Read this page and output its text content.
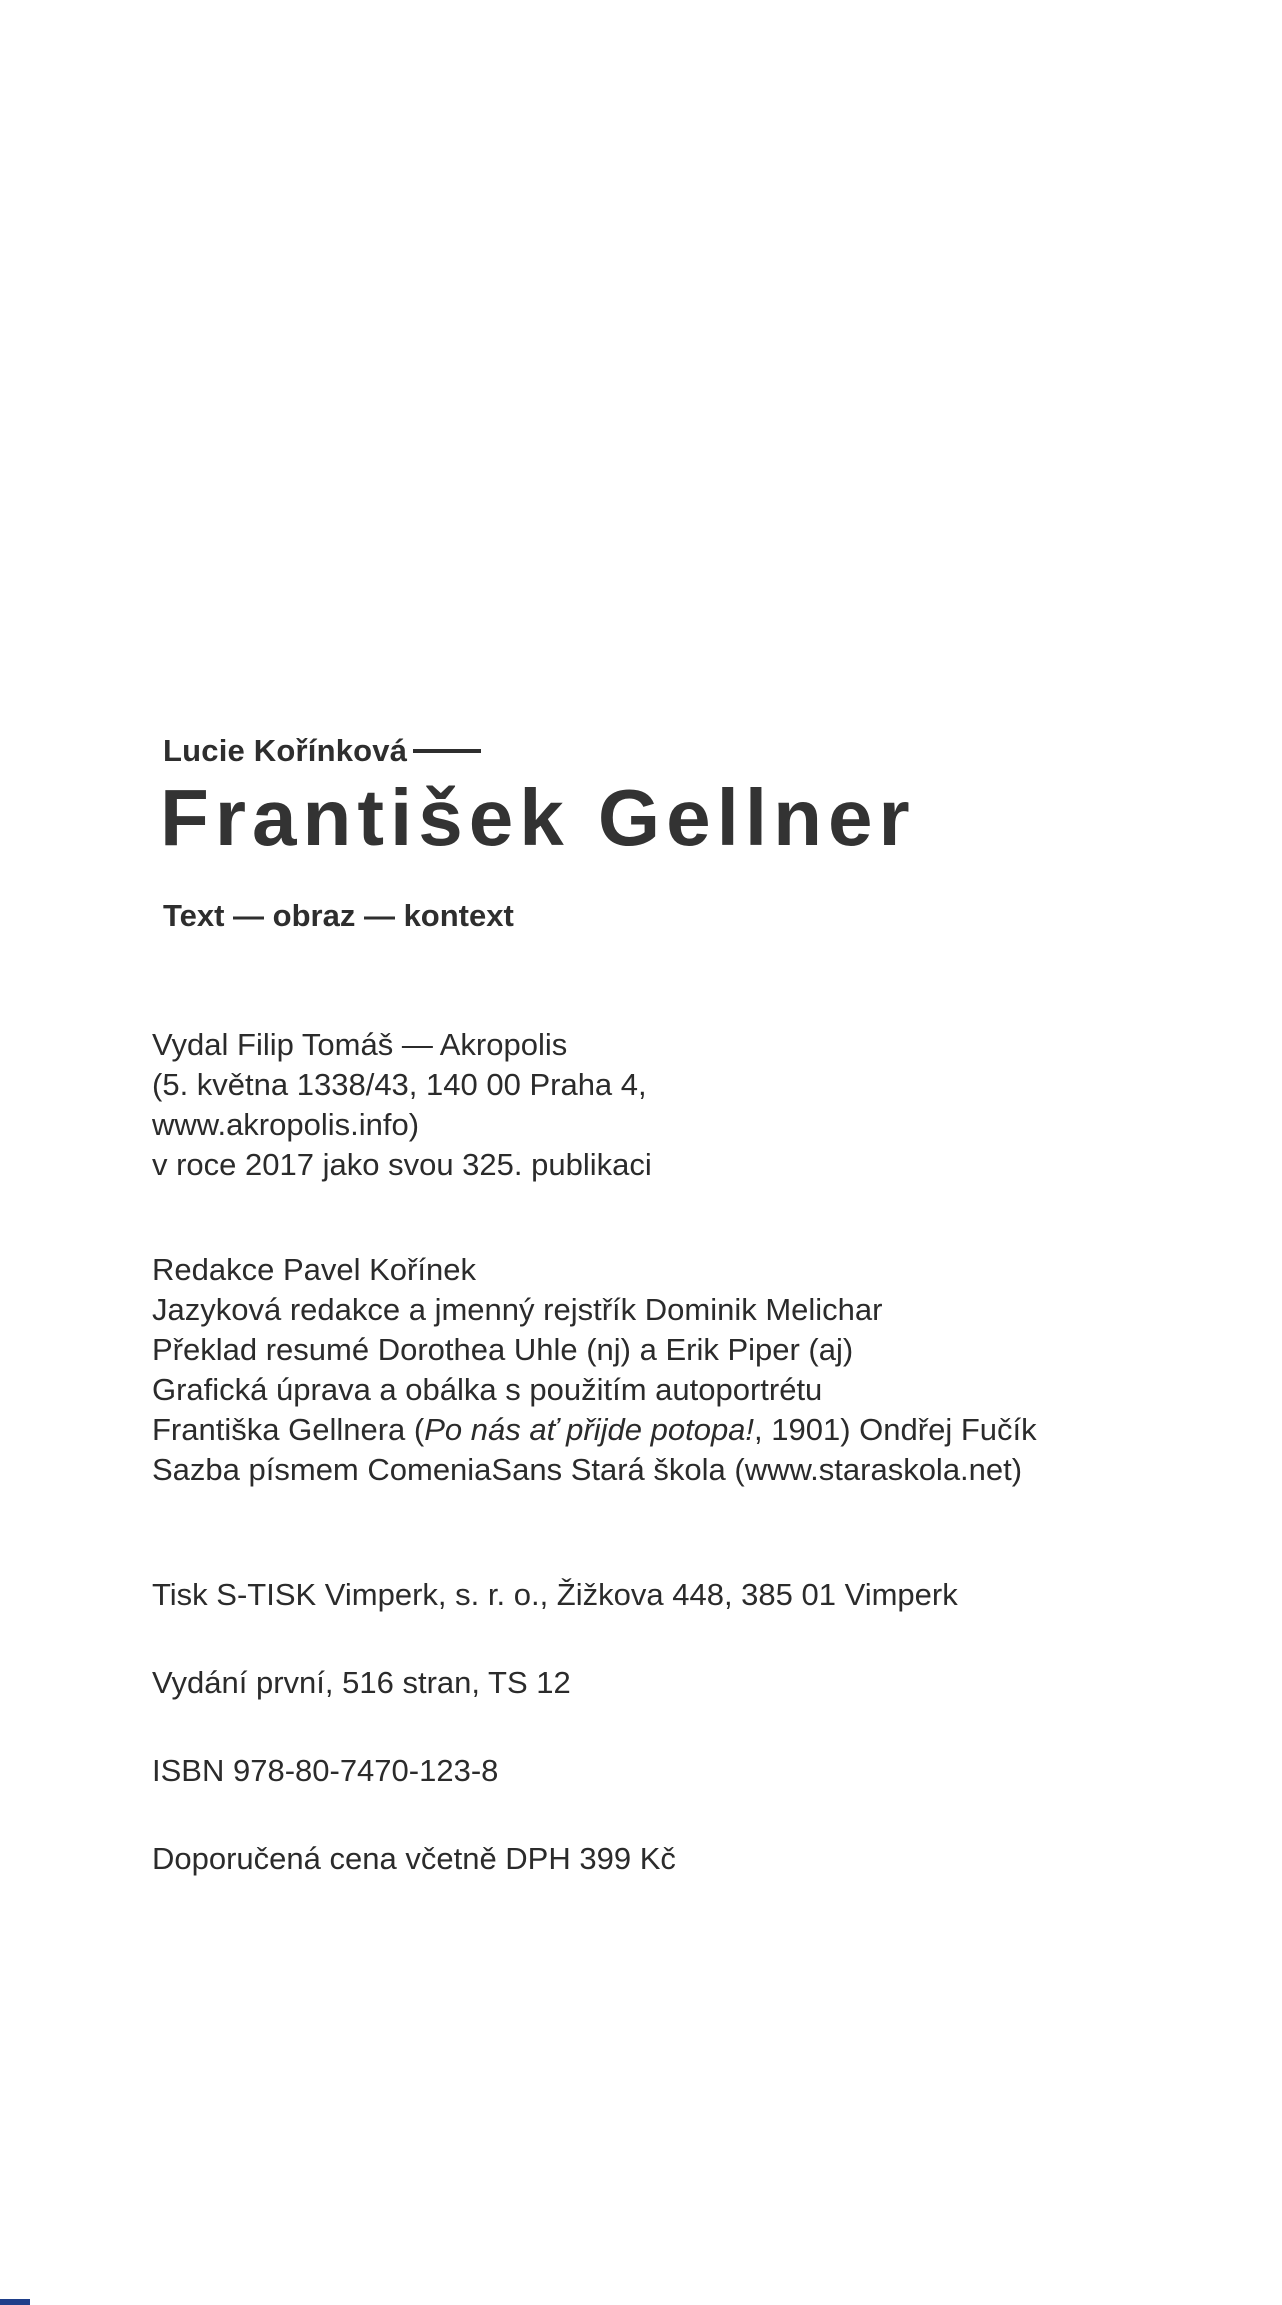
Lucie Kořínková
František Gellner
Text — obraz — kontext
Vydal Filip Tomáš — Akropolis
(5. května 1338/43, 140 00 Praha 4,
www.akropolis.info)
v roce 2017 jako svou 325. publikaci
Redakce Pavel Kořínek
Jazyková redakce a jmenný rejstřík Dominik Melichar
Překlad resumé Dorothea Uhle (nj) a Erik Piper (aj)
Grafická úprava a obálka s použitím autoportrétu
Františka Gellnera (Po nás ať přijde potopa!, 1901) Ondřej Fučík
Sazba písmem ComeniaSans Stará škola (www.staraskola.net)
Tisk S-TISK Vimperk, s. r. o., Žižkova 448, 385 01 Vimperk
Vydání první, 516 stran, TS 12
ISBN 978-80-7470-123-8
Doporučená cena včetně DPH 399 Kč
